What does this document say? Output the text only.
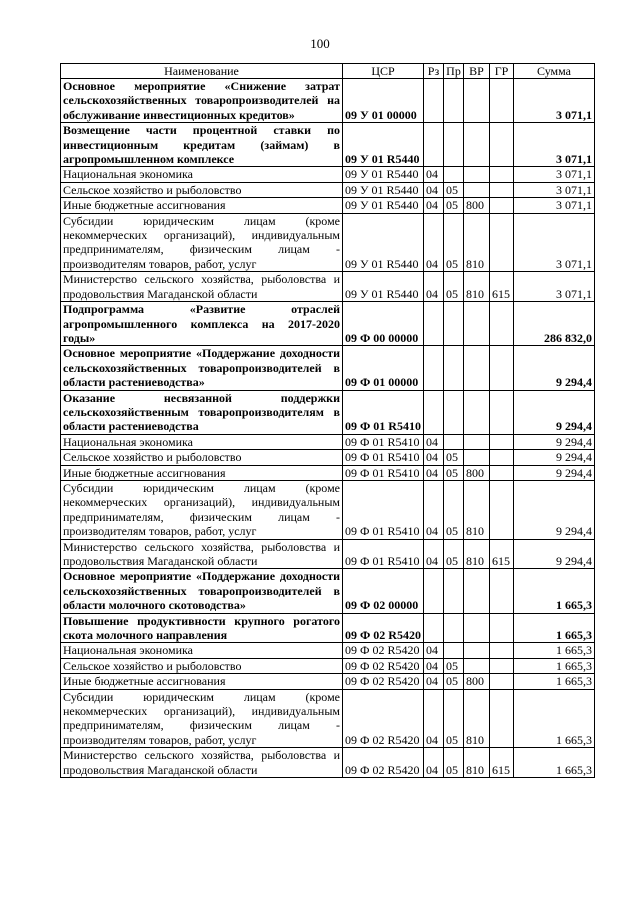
100
Наименование	ЦСР	Рз	Пр	ВР	ГР	Сумма
Основное мероприятие «Снижение затрат сельскохозяйственных товаропроизводителей на обслуживание инвестиционных кредитов»	09 У 01 00000					3 071,1
Возмещение части процентной ставки по инвестиционным кредитам (займам) в агропромышленном комплексе	09 У 01 R5440					3 071,1
Национальная экономика	09 У 01 R5440	04				3 071,1
Сельское хозяйство и рыболовство	09 У 01 R5440	04	05			3 071,1
Иные бюджетные ассигнования	09 У 01 R5440	04	05	800		3 071,1
Субсидии юридическим лицам (кроме некоммерческих организаций), индивидуальным предпринимателям, физическим лицам - производителям товаров, работ, услуг	09 У 01 R5440	04	05	810		3 071,1
Министерство сельского хозяйства, рыболовства и продовольствия Магаданской области	09 У 01 R5440	04	05	810	615	3 071,1
Подпрограмма «Развитие отраслей агропромышленного комплекса на 2017-2020 годы»	09 Ф 00 00000					286 832,0
Основное мероприятие «Поддержание доходности сельскохозяйственных товаропроизводителей в области растениеводства»	09 Ф 01 00000					9 294,4
Оказание несвязанной поддержки сельскохозяйственным товаропроизводителям в области растениеводства	09 Ф 01 R5410					9 294,4
Национальная экономика	09 Ф 01 R5410	04				9 294,4
Сельское хозяйство и рыболовство	09 Ф 01 R5410	04	05			9 294,4
Иные бюджетные ассигнования	09 Ф 01 R5410	04	05	800		9 294,4
Субсидии юридическим лицам (кроме некоммерческих организаций), индивидуальным предпринимателям, физическим лицам - производителям товаров, работ, услуг	09 Ф 01 R5410	04	05	810		9 294,4
Министерство сельского хозяйства, рыболовства и продовольствия Магаданской области	09 Ф 01 R5410	04	05	810	615	9 294,4
Основное мероприятие «Поддержание доходности сельскохозяйственных товаропроизводителей в области молочного скотоводства»	09 Ф 02 00000					1 665,3
Повышение продуктивности крупного рогатого скота молочного направления	09 Ф 02 R5420					1 665,3
Национальная экономика	09 Ф 02 R5420	04				1 665,3
Сельское хозяйство и рыболовство	09 Ф 02 R5420	04	05			1 665,3
Иные бюджетные ассигнования	09 Ф 02 R5420	04	05	800		1 665,3
Субсидии юридическим лицам (кроме некоммерческих организаций), индивидуальным предпринимателям, физическим лицам - производителям товаров, работ, услуг	09 Ф 02 R5420	04	05	810		1 665,3
Министерство сельского хозяйства, рыболовства и продовольствия Магаданской области	09 Ф 02 R5420	04	05	810	615	1 665,3
